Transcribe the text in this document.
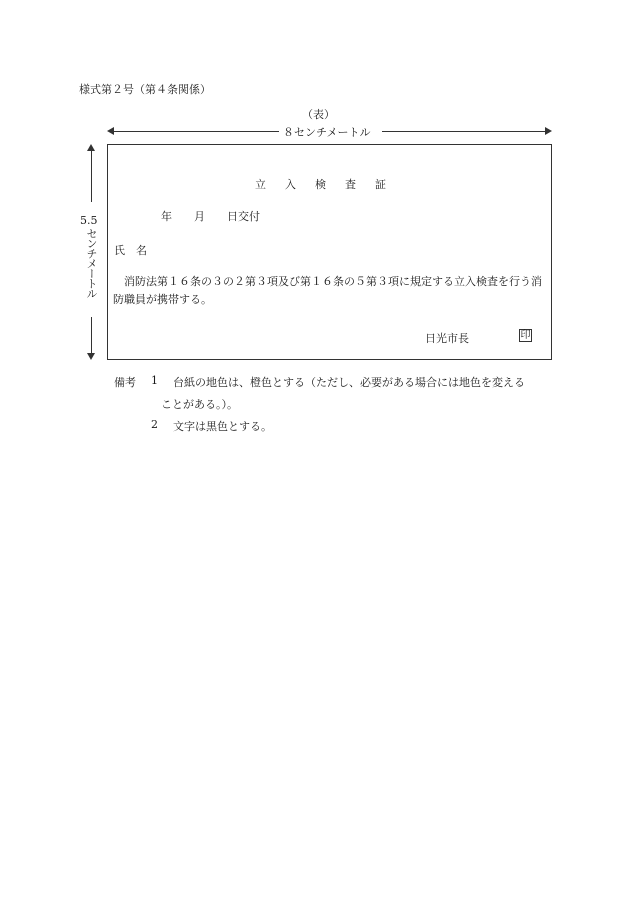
様式第２号（第４条関係）
（表）
８センチメートル
5.5
センチメートル
立入検査証
年　　月　　日交付
氏　名
消防法第１６条の３の２第３項及び第１６条の５第３項に規定する立入検査を行う消防職員が携帯する。
日光市長	印
備考 1 台紙の地色は、橙色とする（ただし、必要がある場合には地色を変える
ことがある。）。
2 文字は黒色とする。
